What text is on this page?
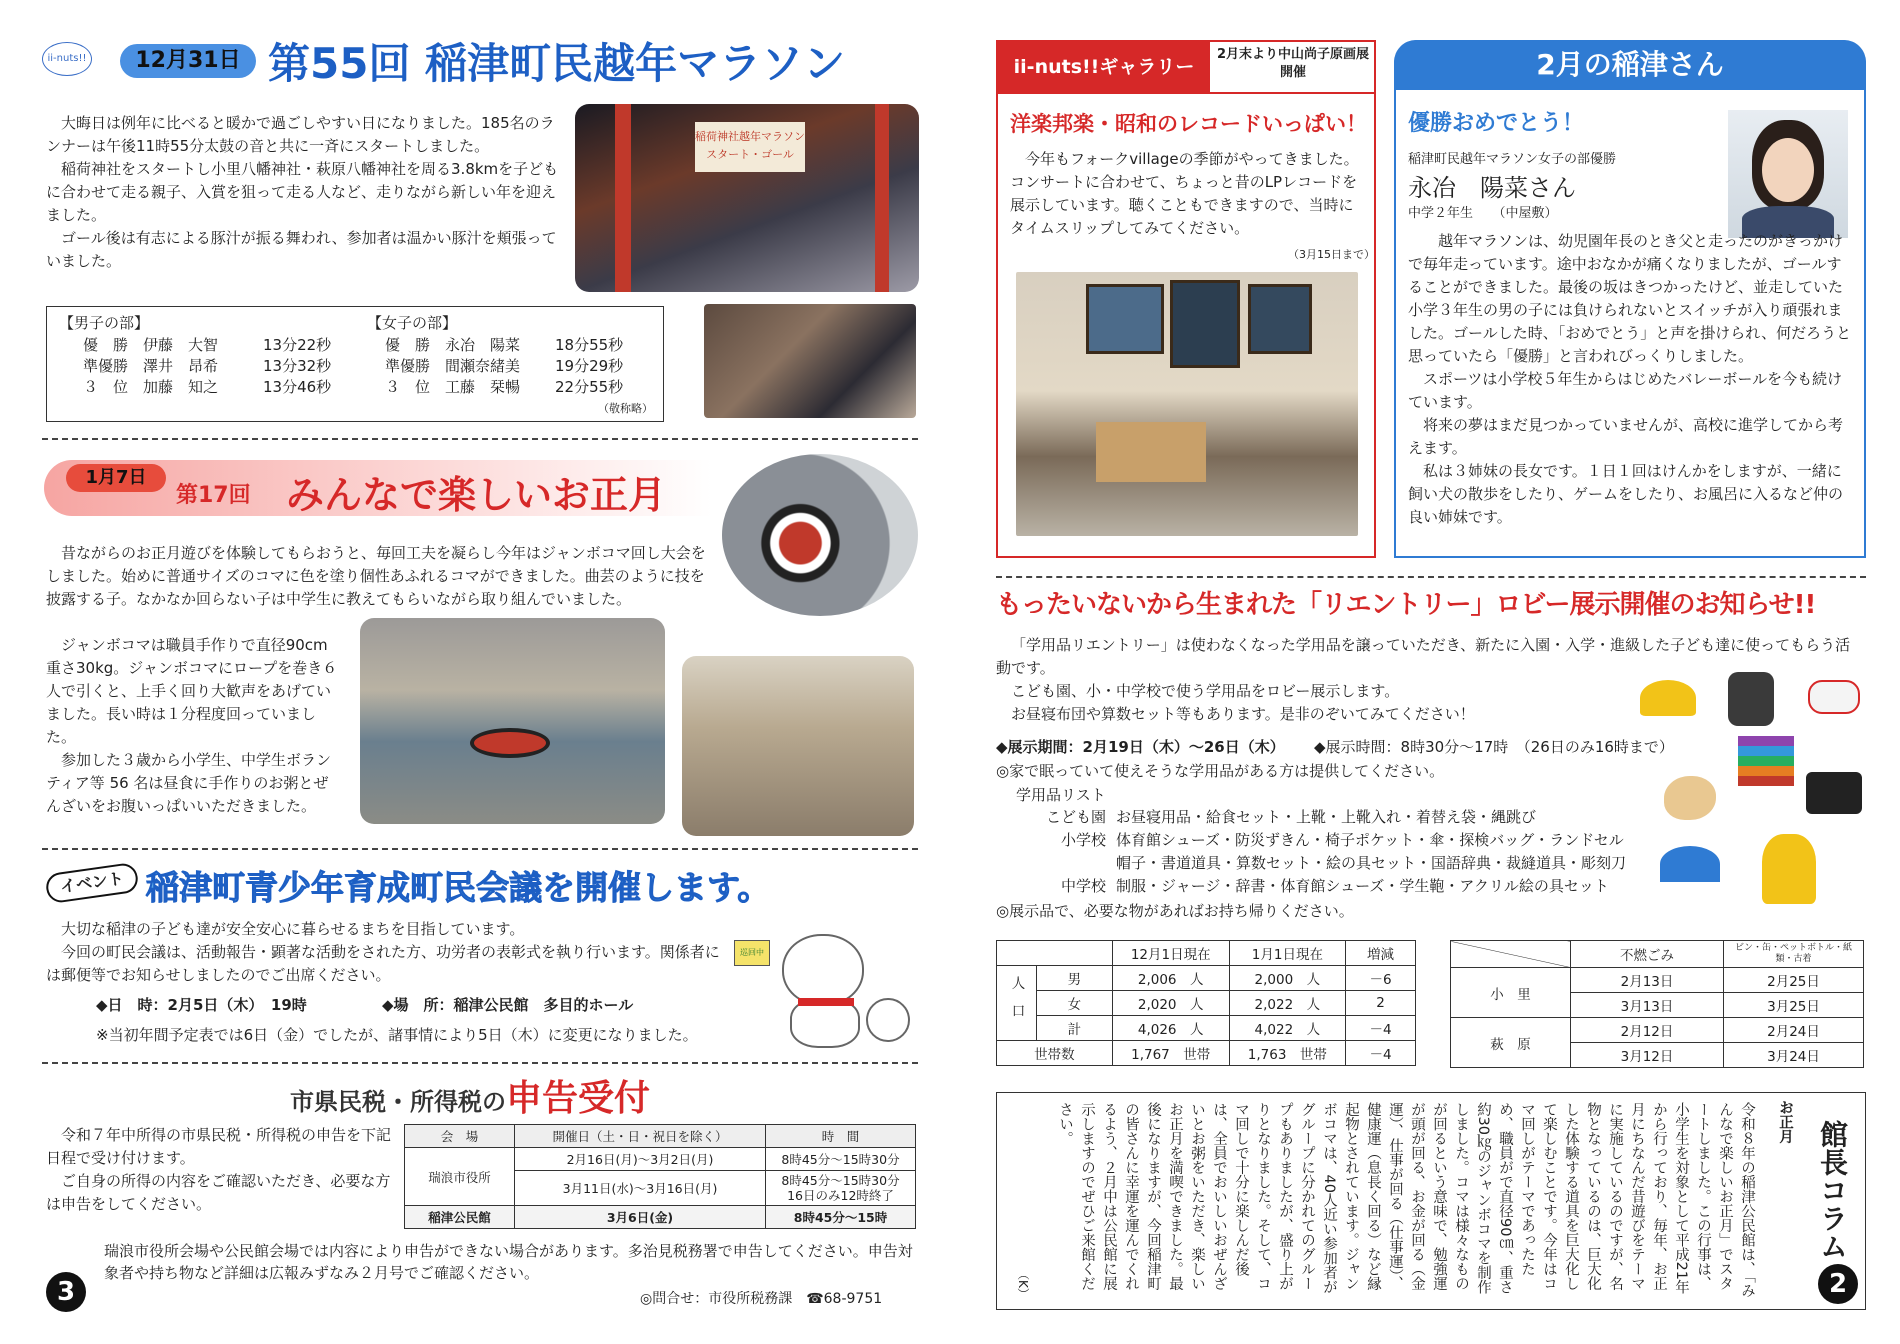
ii-nuts!!	12月31日 第55回 稲津町民越年マラソン

大晦日は例年に比べると暖かで過ごしやすい日になりました。185名のランナーは午後11時55分太鼓の音と共に一斉にスタートしました。

稲荷神社をスタートし小里八幡神社・萩原八幡神社を周る3.8kmを子どもに合わせて走る親子、入賞を狙って走る人など、走りながら新しい年を迎えました。

ゴール後は有志による豚汁が振る舞われ、参加者は温かい豚汁を頬張っていました。

稲荷神社越年マラソン スタート・ゴール
【男子の部】
優　勝 伊藤　大智	13分22秒
準優勝 澤井　昂希	13分32秒
３　位 加藤　知之	13分46秒
【女子の部】
優　勝 永冶　陽菜 18分55秒
準優勝 間瀬奈緒美 19分29秒
３　位 工藤　栞暢 22分55秒
（敬称略）
1月7日
第17回 みんなで楽しいお正月

昔ながらのお正月遊びを体験してもらおうと、毎回工夫を凝らし今年はジャンボコマ回し大会をしました。始めに普通サイズのコマに色を塗り個性あふれるコマができました。曲芸のように技を披露する子。なかなか回らない子は中学生に教えてもらいながら取り組んでいました。

ジャンボコマは職員手作りで直径90cm重さ30kg。ジャンボコマにロープを巻き６人で引くと、上手く回り大歓声をあげていました。長い時は１分程度回っていました。

参加した３歳から小学生、中学生ボランティア等 56 名は昼食に手作りのお粥とぜんざいをお腹いっぱいいただきました。

イベント 稲津町青少年育成町民会議を開催します。

大切な稲津の子ども達が安全安心に暮らせるまちを目指しています。

今回の町民会議は、活動報告・顕著な活動をされた方、功労者の表彰式を執り行います。関係者には郵便等でお知らせしましたのでご出席ください。

◆日　時：2月5日（木）　19時	◆場　所：稲津公民館　多目的ホール
※当初年間予定表では6日（金）でしたが、諸事情により5日（木）に変更になりました。
巡回中
市県民税・所得税の申告受付

令和７年中所得の市県民税・所得税の申告を下記日程で受け付けます。

ご自身の所得の内容をご確認いただき、必要な方は申告をしてください。

会　場	開催日（土・日・祝日を除く）	時　間
瑞浪市役所	2月16日(月)～3月2日(月)	8時45分～15時30分
	3月11日(水)～3月16日(月)	8時45分～15時30分 16日のみ12時終了
稲津公民館	3月6日(金)	8時45分～15時
瑞浪市役所会場や公民館会場では内容により申告ができない場合があります。多治見税務署で申告してください。申告対象者や持ち物など詳細は広報みずなみ２月号でご確認ください。
◎問合せ：市役所税務課　☎68‐9751
3
ii-nuts!!ギャラリー
2月末より中山尚子原画展開催
洋楽邦楽・昭和のレコードいっぱい！

今年もフォークvillageの季節がやってきました。コンサートに合わせて、ちょっと昔のLPレコードを展示しています。聴くこともできますので、当時にタイムスリップしてみてください。

（3月15日まで）
2月の稲津さん
優勝おめでとう！
稲津町民越年マラソン女子の部優勝
永冶　陽菜さん
中学２年生　　（中屋敷）

越年マラソンは、幼児園年長のとき父と走ったのがきっかけで毎年走っています。途中おなかが痛くなりましたが、ゴールすることができました。最後の坂はきつかったけど、並走していた小学３年生の男の子には負けられないとスイッチが入り頑張れました。ゴールした時、「おめでとう」と声を掛けられ、何だろうと思っていたら「優勝」と言われびっくりしました。

スポーツは小学校５年生からはじめたバレーボールを今も続けています。

将来の夢はまだ見つかっていませんが、高校に進学してから考えます。

私は３姉妹の長女です。１日１回はけんかをしますが、一緒に飼い犬の散歩をしたり、ゲームをしたり、お風呂に入るなど仲の良い姉妹です。

もったいないから生まれた「リエントリー」ロビー展示開催のお知らせ!!

「学用品リエントリー」は使わなくなった学用品を譲っていただき、新たに入園・入学・進級した子ども達に使ってもらう活動です。

こども園、小・中学校で使う学用品をロビー展示します。

お昼寝布団や算数セット等もあります。是非のぞいてみてください！

◆展示期間：2月19日（木）～26日（木） ◆展示時間：8時30分～17時　（26日のみ16時まで）
◎家で眠っていて使えそうな学用品がある方は提供してください。
学用品リスト
こども園 お昼寝用品・給食セット・上靴・上靴入れ・着替え袋・縄跳び
小学校 体育館シューズ・防災ずきん・椅子ポケット・傘・探検バッグ・ランドセル
帽子・書道道具・算数セット・絵の具セット・国語辞典・裁縫道具・彫刻刀
中学校 制服・ジャージ・辞書・体育館シューズ・学生鞄・アクリル絵の具セット
◎展示品で、必要な物があればお持ち帰りください。
		12月1日現在	1月1日現在	増減
人口	男	2,006　人	2,000　人	－6
	女	2,020　人	2,022　人	2
	計	4,026　人	4,022　人	－4
世帯数		1,767　世帯	1,763　世帯	－4
	不燃ごみ	ビン・缶・ペットボトル・紙類・古着
小　里	2月13日	2月25日
	3月13日	3月25日
萩　原	2月12日	2月24日
	3月12日	3月24日
館長コラム
2
お正月
令和８年の稲津公民館は、「みんなで楽しいお正月」でスタートしました。この行事は、小学生を対象として平成21年から行っており、毎年、お正月にちなんだ昔遊びをテーマに実施しているのですが、名物となっているのは、巨大化した体験する道具を巨大化して楽しむことです。今年はコマ回しがテーマであったため、職員がで直径90㎝、重さ約30㎏のジャンボコマを制作しました。コマは様々なものが回るという意味で、勉強運が頭が回る、お金が回る（金運）、仕事が回る（仕事運）、健康運（息長く回る）など縁起物とされています。ジャンボコマは、40人近い参加者がグループに分かれてのグループもありましたが、盛り上がりとなりました。そして、コマ回しで十分に楽しんだ後は、全員でおいしいおぜんざいとお粥をいただき、楽しいお正月を満喫できました。最後になりますが、今回稲津町の皆さんに幸運を運んでくれるよう、２月中は公民館に展示しますのでぜひご来館ください。
（K）
